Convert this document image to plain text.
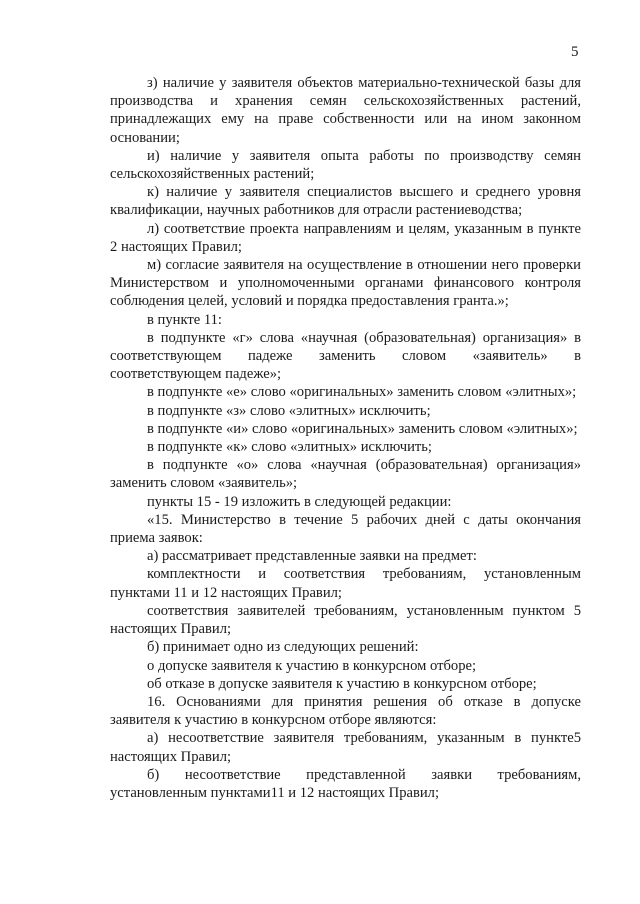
5

з) наличие у заявителя объектов материально-технической базы для производства и хранения семян сельскохозяйственных растений, принадлежащих ему на праве собственности или на ином законном основании;

и) наличие у заявителя опыта работы по производству семян сельскохозяйственных растений;

к) наличие у заявителя специалистов высшего и среднего уровня квалификации, научных работников для отрасли растениеводства;

л) соответствие проекта направлениям и целям, указанным в пункте 2 настоящих Правил;

м) согласие заявителя на осуществление в отношении него проверки Министерством и уполномоченными органами финансового контроля соблюдения целей, условий и порядка предоставления гранта.»;

в пункте 11:

в подпункте «г» слова «научная (образовательная) организация» в соответствующем падеже заменить словом «заявитель» в соответствующем падеже»;

в подпункте «е» слово «оригинальных» заменить словом «элитных»;

в подпункте «з» слово «элитных» исключить;

в подпункте «и» слово «оригинальных» заменить словом «элитных»;

в подпункте «к» слово «элитных» исключить;

в подпункте «о» слова «научная (образовательная) организация» заменить словом «заявитель»;

пункты 15 - 19 изложить в следующей редакции:

«15. Министерство в течение 5 рабочих дней с даты окончания приема заявок:

а) рассматривает представленные заявки на предмет:

комплектности и соответствия требованиям, установленным пунктами 11 и 12 настоящих Правил;

соответствия заявителей требованиям, установленным пунктом 5 настоящих Правил;

б) принимает одно из следующих решений:

о допуске заявителя к участию в конкурсном отборе;

об отказе в допуске заявителя к участию в конкурсном отборе;

16. Основаниями для принятия решения об отказе в допуске заявителя к участию в конкурсном отборе являются:

а) несоответствие заявителя требованиям, указанным в пункте5 настоящих Правил;

б) несоответствие представленной заявки требованиям, установленным пунктами11 и 12 настоящих Правил;
